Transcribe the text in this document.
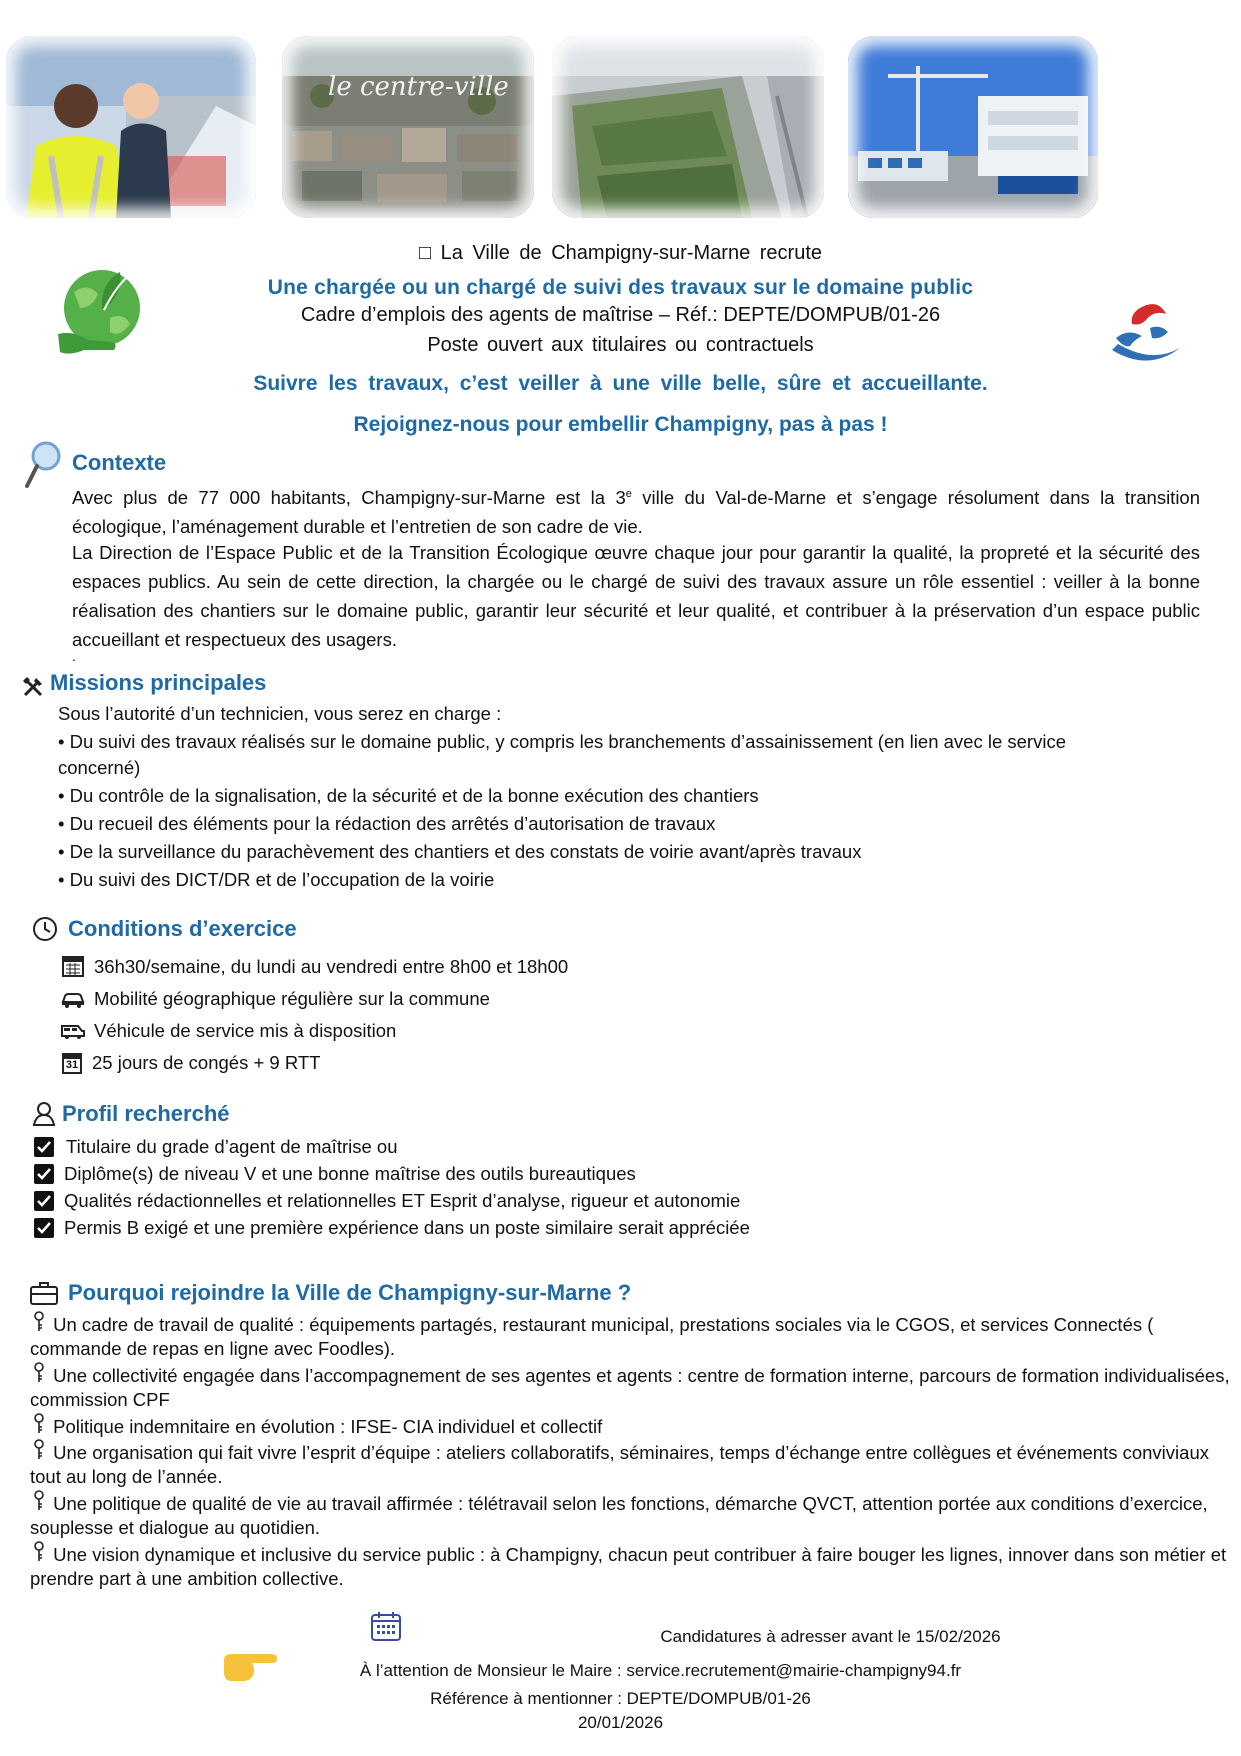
le centre-ville
□ La Ville de Champigny-sur-Marne recrute
Une chargée ou un chargé de suivi des travaux sur le domaine public
Cadre d’emplois des agents de maîtrise – Réf.: DEPTE/DOMPUB/01-26
Poste ouvert aux titulaires ou contractuels
Suivre les travaux, c’est veiller à une ville belle, sûre et accueillante.
Rejoignez-nous pour embellir Champigny, pas à pas !
Contexte
Avec plus de 77 000 habitants, Champigny-sur-Marne est la 3e ville du Val-de-Marne et s’engage résolument dans la transition écologique, l’aménagement durable et l’entretien de son cadre de vie.
La Direction de l’Espace Public et de la Transition Écologique œuvre chaque jour pour garantir la qualité, la propreté et la sécurité des espaces publics. Au sein de cette direction, la chargée ou le chargé de suivi des travaux assure un rôle essentiel : veiller à la bonne réalisation des chantiers sur le domaine public, garantir leur sécurité et leur qualité, et contribuer à la préservation d’un espace public accueillant et respectueux des usagers.
.
Missions principales
Sous l’autorité d’un technicien, vous serez en charge :
• Du suivi des travaux réalisés sur le domaine public, y compris les branchements d’assainissement (en lien avec le service
concerné)
• Du contrôle de la signalisation, de la sécurité et de la bonne exécution des chantiers
• Du recueil des éléments pour la rédaction des arrêtés d’autorisation de travaux
• De la surveillance du parachèvement des chantiers et des constats de voirie avant/après travaux
• Du suivi des DICT/DR et de l’occupation de la voirie
Conditions d’exercice
36h30/semaine, du lundi au vendredi entre 8h00 et 18h00
Mobilité géographique régulière sur la commune
Véhicule de service mis à disposition
31 25 jours de congés + 9 RTT
Profil recherché
Titulaire du grade d’agent de maîtrise ou
Diplôme(s) de niveau V et une bonne maîtrise des outils bureautiques
Qualités rédactionnelles et relationnelles ET Esprit d’analyse, rigueur et autonomie
Permis B exigé et une première expérience dans un poste similaire serait appréciée
Pourquoi rejoindre la Ville de Champigny-sur-Marne ?
Un cadre de travail de qualité : équipements partagés, restaurant municipal, prestations sociales via le CGOS, et services Connectés ( commande de repas en ligne avec Foodles).
Une collectivité engagée dans l’accompagnement de ses agentes et agents : centre de formation interne, parcours de formation individualisées, commission CPF
Politique indemnitaire en évolution : IFSE- CIA individuel et collectif
Une organisation qui fait vivre l’esprit d’équipe : ateliers collaboratifs, séminaires, temps d’échange entre collègues et événements conviviaux tout au long de l’année.
Une politique de qualité de vie au travail affirmée : télétravail selon les fonctions, démarche QVCT, attention portée aux conditions d’exercice, souplesse et dialogue au quotidien.
Une vision dynamique et inclusive du service public : à Champigny, chacun peut contribuer à faire bouger les lignes, innover dans son métier et prendre part à une ambition collective.
Candidatures à adresser avant le 15/02/2026
À l’attention de Monsieur le Maire : service.recrutement@mairie-champigny94.fr
Référence à mentionner : DEPTE/DOMPUB/01-26
20/01/2026
